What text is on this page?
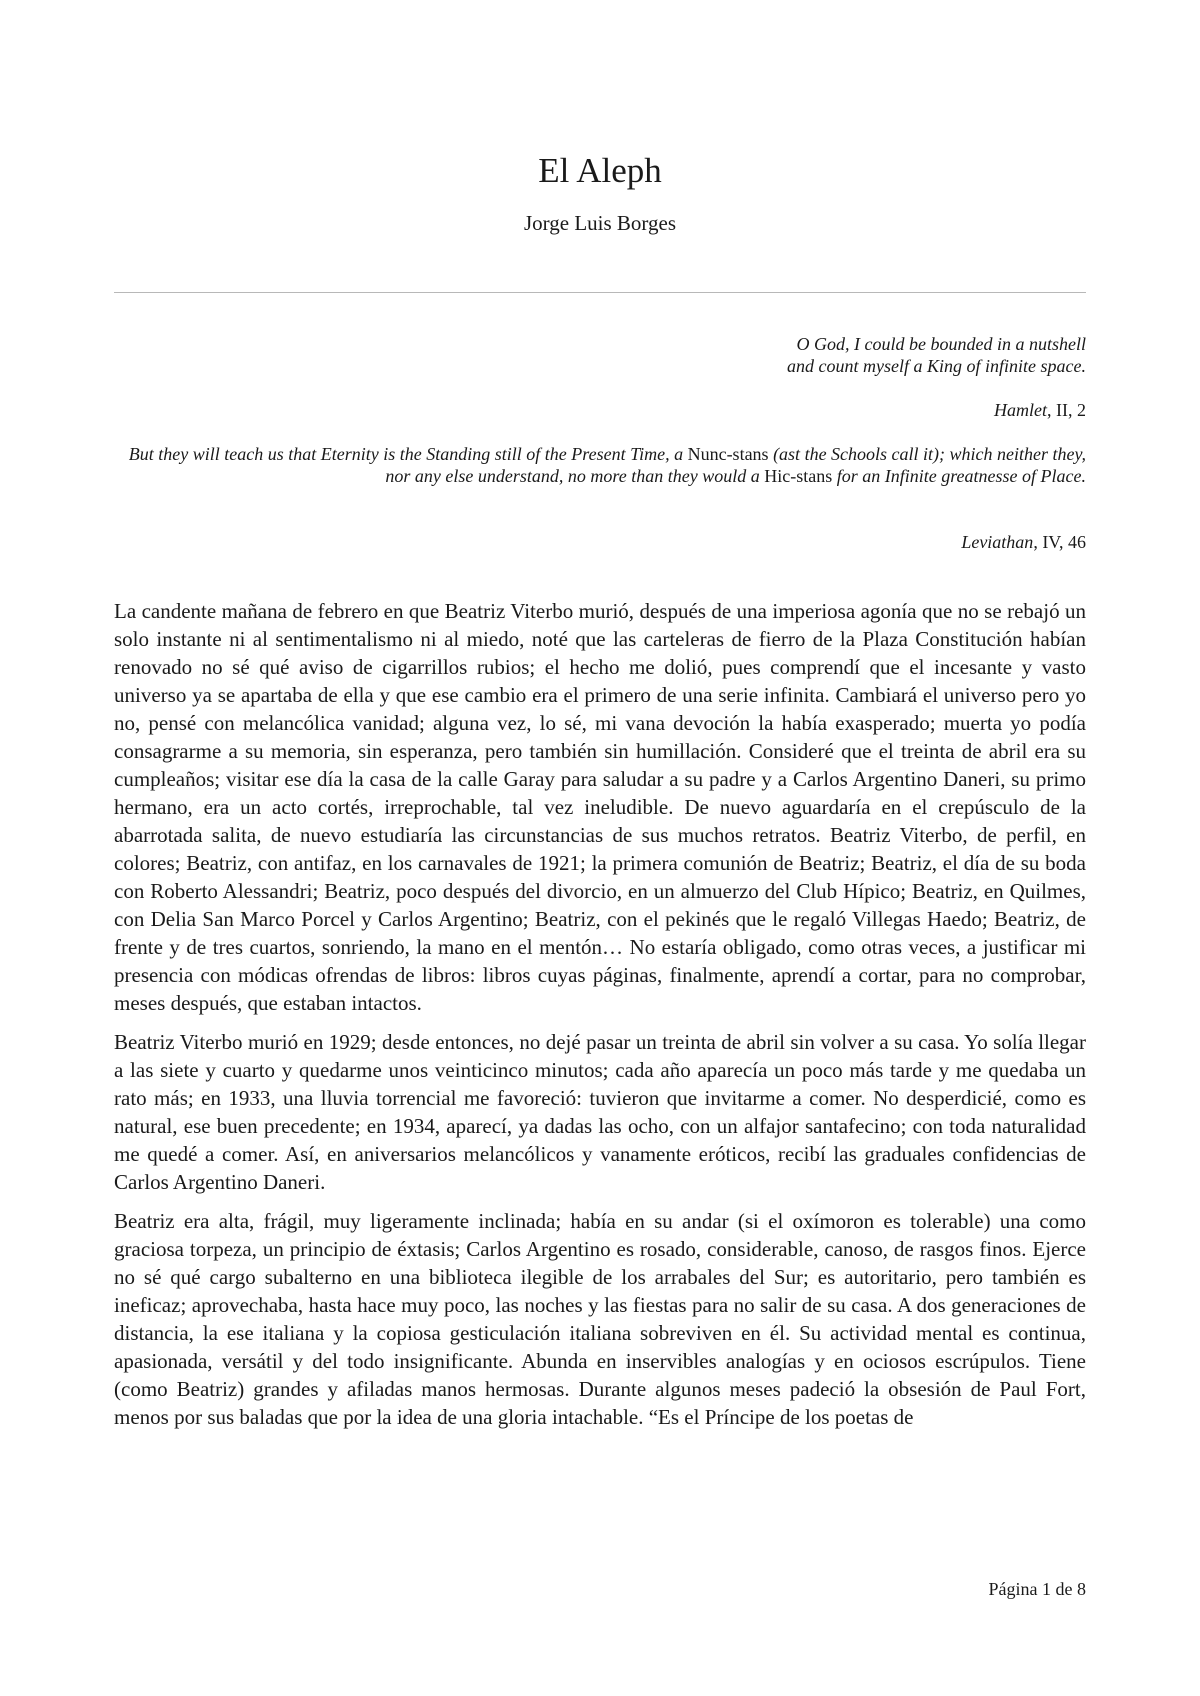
El Aleph
Jorge Luis Borges

O God, I could be bounded in a nutshell

and count myself a King of infinite space.

Hamlet, II, 2

But they will teach us that Eternity is the Standing still of the Present Time, a Nunc-stans (ast the Schools call it); which neither they, nor any else understand, no more than they would a Hic-stans for an Infinite greatnesse of Place.

Leviathan, IV, 46

La candente mañana de febrero en que Beatriz Viterbo murió, después de una imperiosa agonía que no se rebajó un solo instante ni al sentimentalismo ni al miedo, noté que las carteleras de fierro de la Plaza Constitución habían renovado no sé qué aviso de cigarrillos rubios; el hecho me dolió, pues comprendí que el incesante y vasto universo ya se apartaba de ella y que ese cambio era el primero de una serie infinita. Cambiará el universo pero yo no, pensé con melancólica vanidad; alguna vez, lo sé, mi vana devoción la había exasperado; muerta yo podía consagrarme a su memoria, sin esperanza, pero también sin humillación. Consideré que el treinta de abril era su cumpleaños; visitar ese día la casa de la calle Garay para saludar a su padre y a Carlos Argentino Daneri, su primo hermano, era un acto cortés, irreprochable, tal vez ineludible. De nuevo aguardaría en el crepúsculo de la abarrotada salita, de nuevo estudiaría las circunstancias de sus muchos retratos. Beatriz Viterbo, de perfil, en colores; Beatriz, con antifaz, en los carnavales de 1921; la primera comunión de Beatriz; Beatriz, el día de su boda con Roberto Alessandri; Beatriz, poco después del divorcio, en un almuerzo del Club Hípico; Beatriz, en Quilmes, con Delia San Marco Porcel y Carlos Argentino; Beatriz, con el pekinés que le regaló Villegas Haedo; Beatriz, de frente y de tres cuartos, sonriendo, la mano en el mentón… No estaría obligado, como otras veces, a justificar mi presencia con módicas ofrendas de libros: libros cuyas páginas, finalmente, aprendí a cortar, para no comprobar, meses después, que estaban intactos.

Beatriz Viterbo murió en 1929; desde entonces, no dejé pasar un treinta de abril sin volver a su casa. Yo solía llegar a las siete y cuarto y quedarme unos veinticinco minutos; cada año aparecía un poco más tarde y me quedaba un rato más; en 1933, una lluvia torrencial me favoreció: tuvieron que invitarme a comer. No desperdicié, como es natural, ese buen precedente; en 1934, aparecí, ya dadas las ocho, con un alfajor santafecino; con toda naturalidad me quedé a comer. Así, en aniversarios melancólicos y vanamente eróticos, recibí las graduales confidencias de Carlos Argentino Daneri.

Beatriz era alta, frágil, muy ligeramente inclinada; había en su andar (si el oxímoron es tolerable) una como graciosa torpeza, un principio de éxtasis; Carlos Argentino es rosado, considerable, canoso, de rasgos finos. Ejerce no sé qué cargo subalterno en una biblioteca ilegible de los arrabales del Sur; es autoritario, pero también es ineficaz; aprovechaba, hasta hace muy poco, las noches y las fiestas para no salir de su casa. A dos generaciones de distancia, la ese italiana y la copiosa gesticulación italiana sobreviven en él. Su actividad mental es continua, apasionada, versátil y del todo insignificante. Abunda en inservibles analogías y en ociosos escrúpulos. Tiene (como Beatriz) grandes y afiladas manos hermosas. Durante algunos meses padeció la obsesión de Paul Fort, menos por sus baladas que por la idea de una gloria intachable. “Es el Príncipe de los poetas de

Página 1 de 8
